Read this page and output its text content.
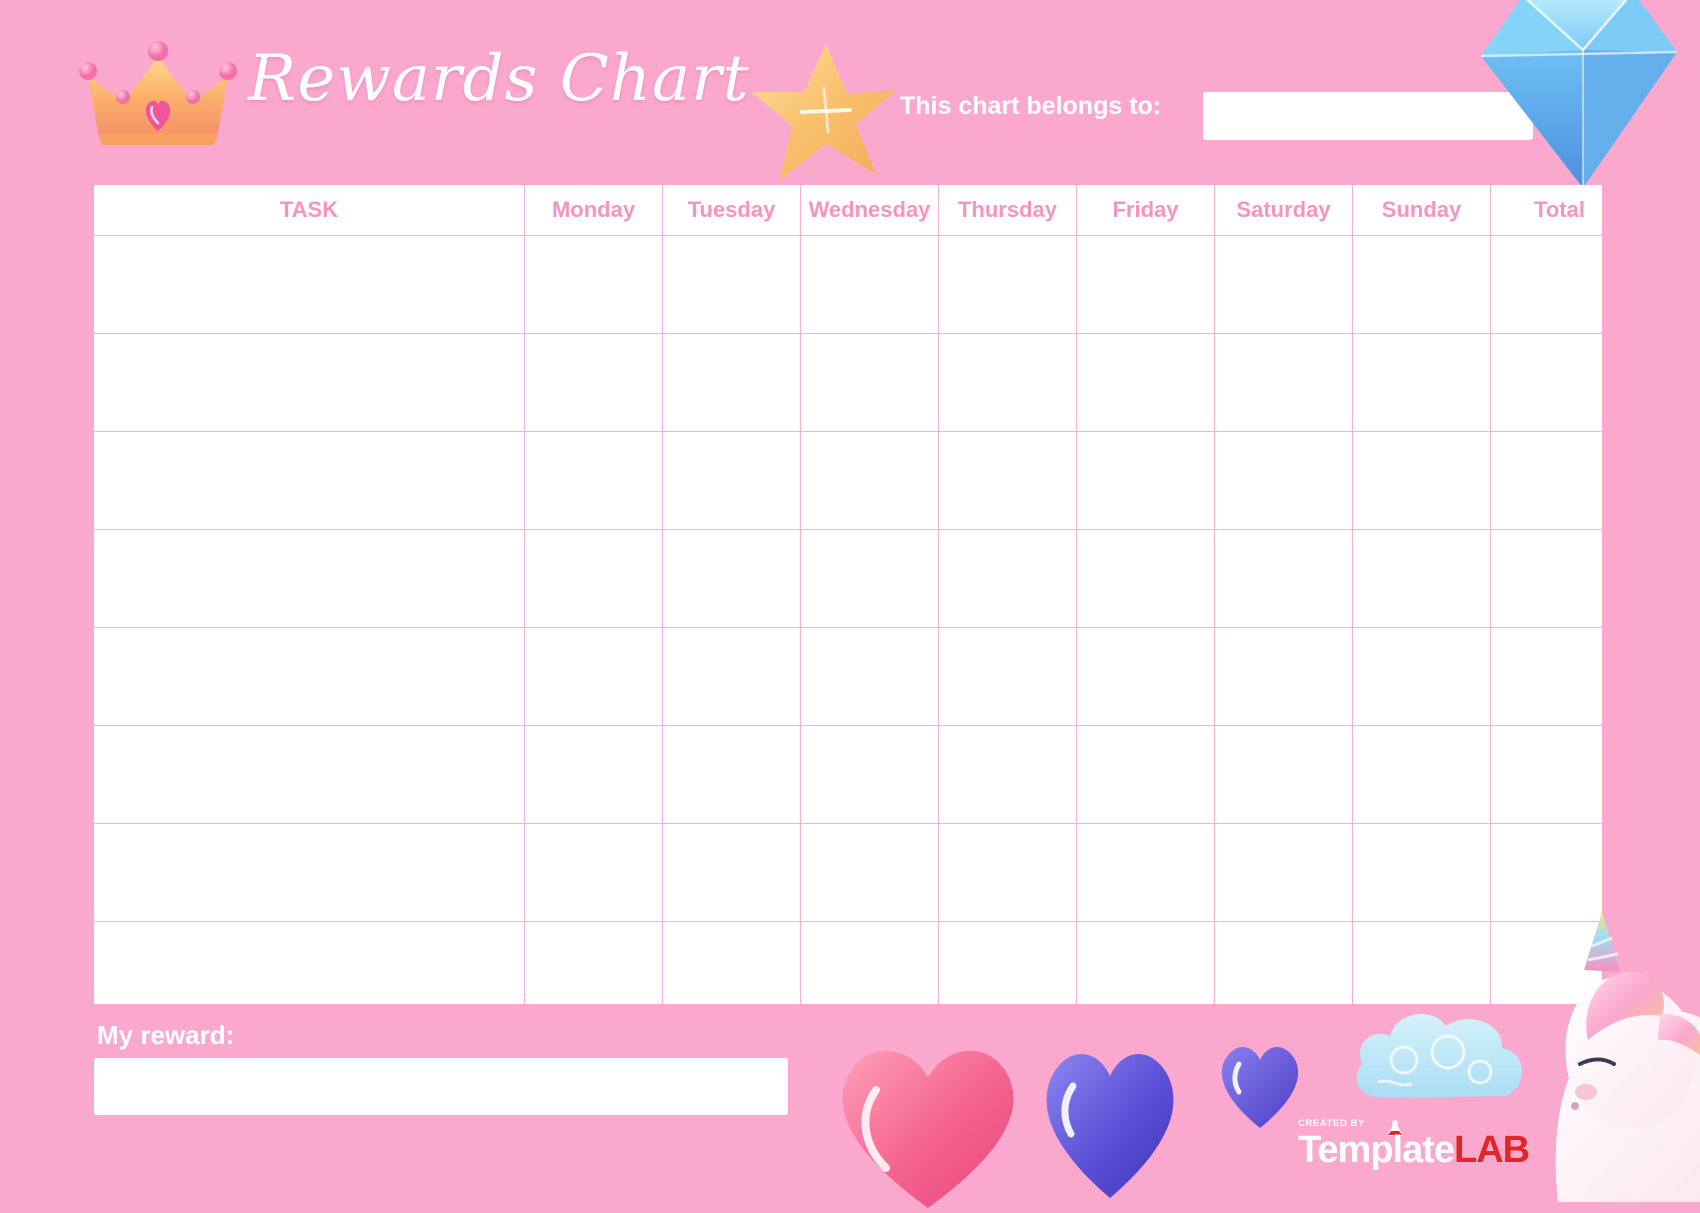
Rewards Chart	This chart belongs to:
TASK	Monday	Tuesday	Wednesday	Thursday	Friday	Saturday	Sunday	Total

My reward:
CREATED BY
TemplateLAB
